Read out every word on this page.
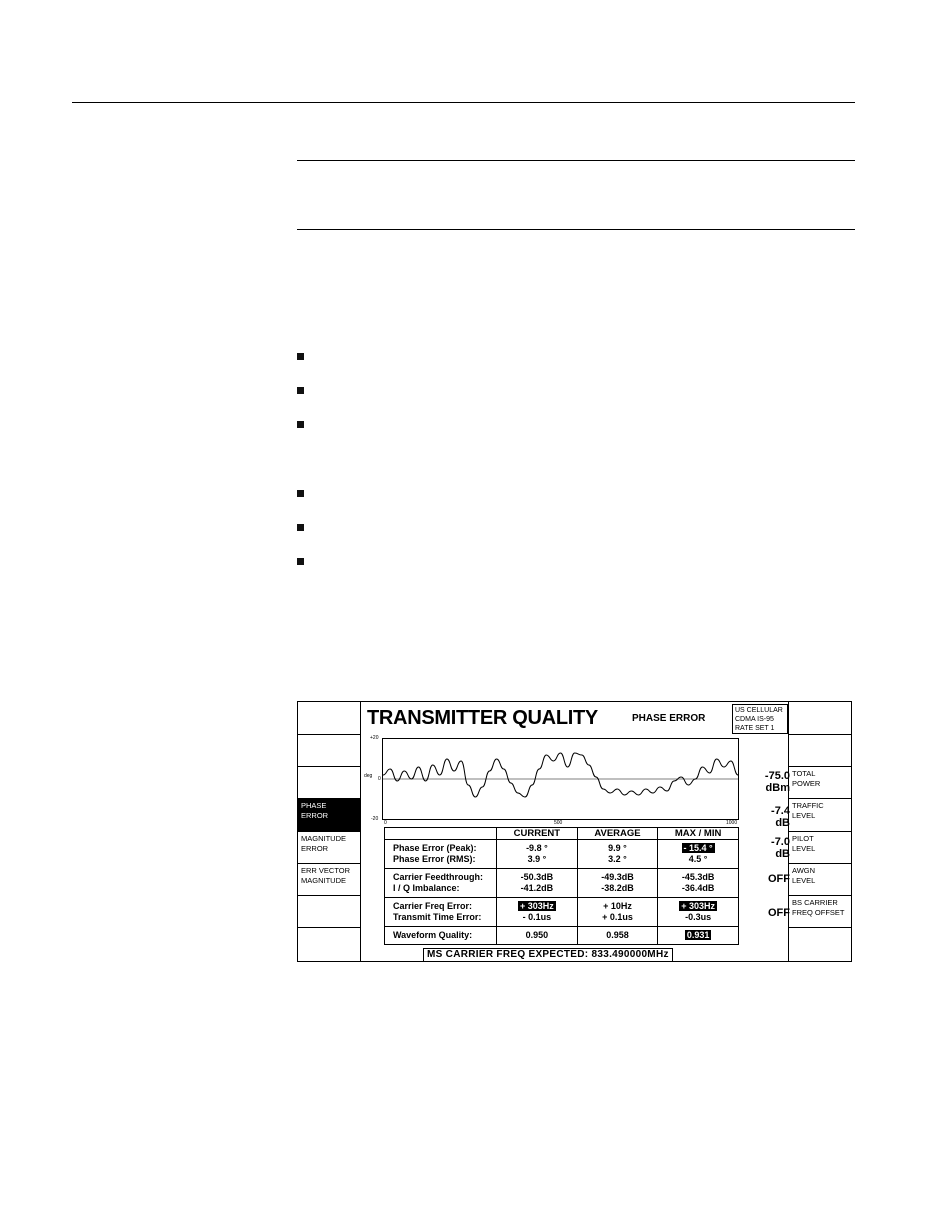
PHASE
ERROR
MAGNITUDE
ERROR
ERR VECTOR
MAGNITUDE
TRANSMITTER QUALITY	PHASE ERROR
US CELLULAR
CDMA IS-95
RATE SET 1
+20
deg 0
-20
0	500	1000
	CURRENT	AVERAGE	MAX / MIN
Phase Error (Peak):	-9.8 °	9.9 °	- 15.4 °
Phase Error (RMS):	3.9 °	3.2 °	4.5 °
Carrier Feedthrough:	-50.3dB	-49.3dB	-45.3dB
I / Q Imbalance:	-41.2dB	-38.2dB	-36.4dB
Carrier Freq Error:	+ 303Hz	+ 10Hz	+ 303Hz
Transmit Time Error:	- 0.1us	+ 0.1us	-0.3us
Waveform Quality:	0.950	0.958	0.931
MS CARRIER FREQ EXPECTED: 833.490000MHz
-75.0
dBm
-7.4
dB
-7.0
dB
OFF
OFF
TOTAL
POWER
TRAFFIC
LEVEL
PILOT
LEVEL
AWGN
LEVEL
BS CARRIER
FREQ OFFSET
